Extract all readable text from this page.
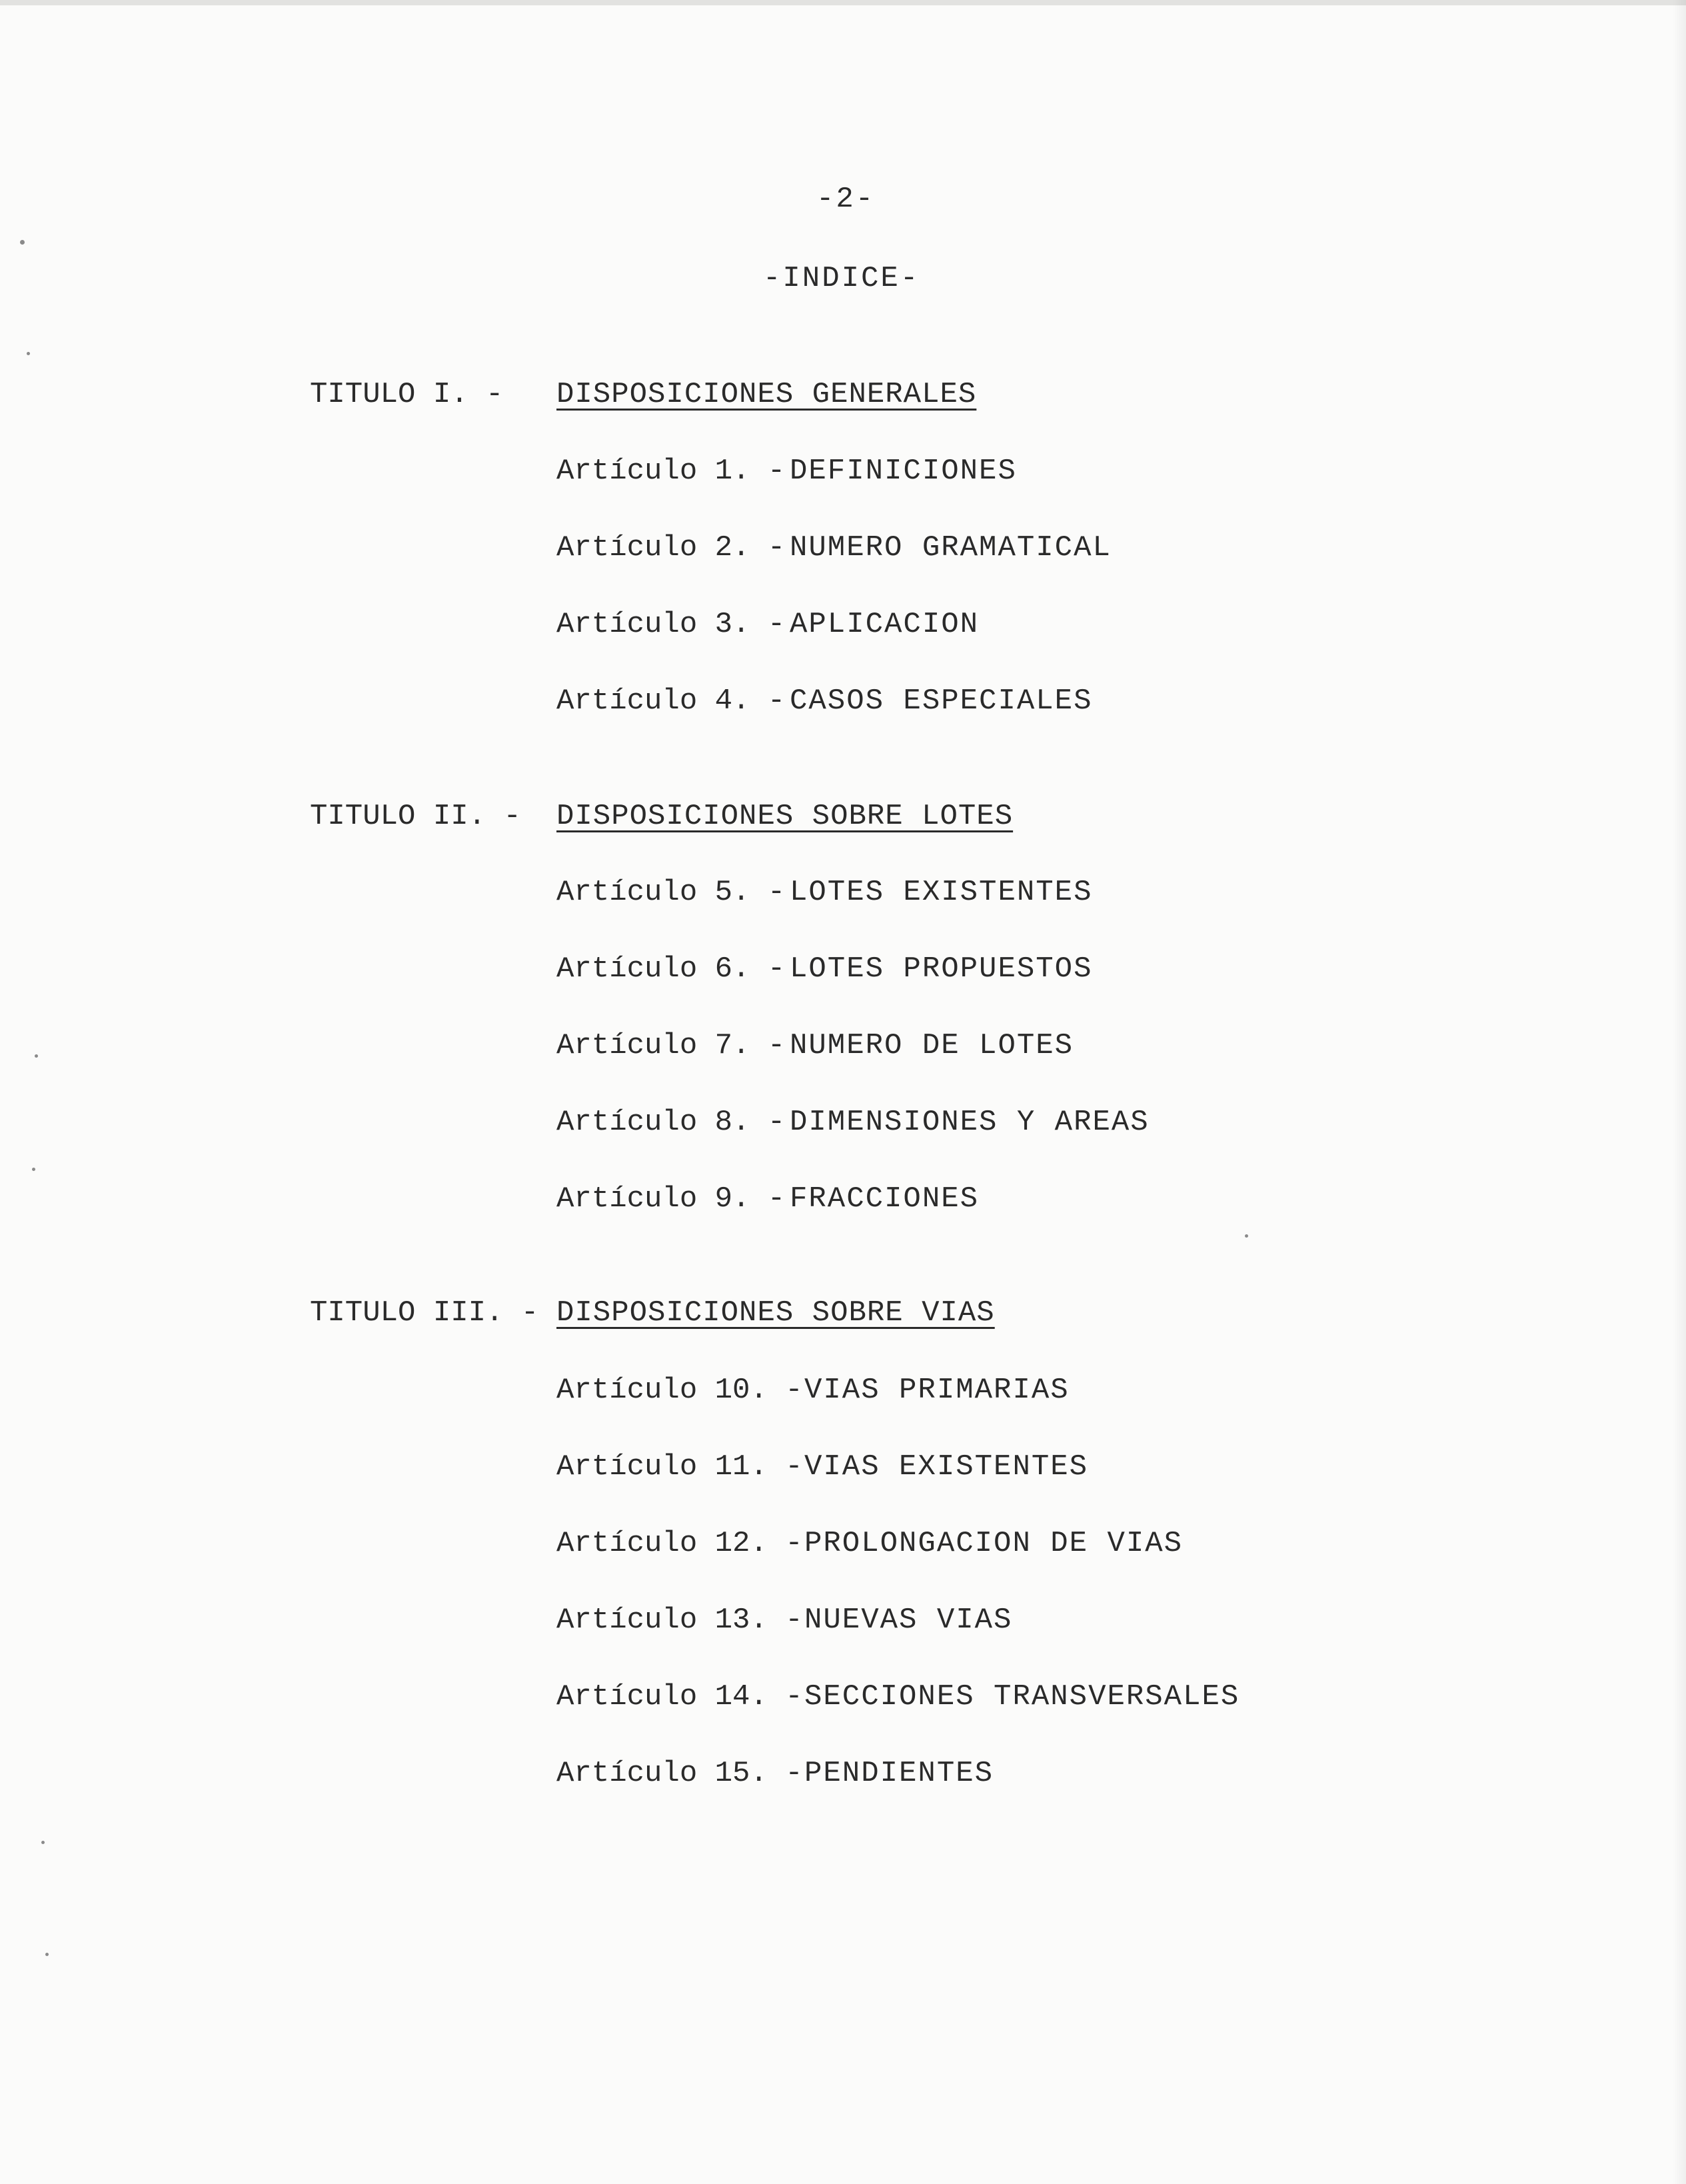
-2-
-INDICE-
TITULO I. - DISPOSICIONES GENERALES
Artículo 1. - DEFINICIONES
Artículo 2. - NUMERO GRAMATICAL
Artículo 3. - APLICACION
Artículo 4. - CASOS ESPECIALES
TITULO II. - DISPOSICIONES SOBRE LOTES
Artículo 5. - LOTES EXISTENTES
Artículo 6. - LOTES PROPUESTOS
Artículo 7. - NUMERO DE LOTES
Artículo 8. - DIMENSIONES Y AREAS
Artículo 9. - FRACCIONES
TITULO III. - DISPOSICIONES SOBRE VIAS
Artículo 10. - VIAS PRIMARIAS
Artículo 11. - VIAS EXISTENTES
Artículo 12. - PROLONGACION DE VIAS
Artículo 13. - NUEVAS VIAS
Artículo 14. - SECCIONES TRANSVERSALES
Artículo 15. - PENDIENTES
